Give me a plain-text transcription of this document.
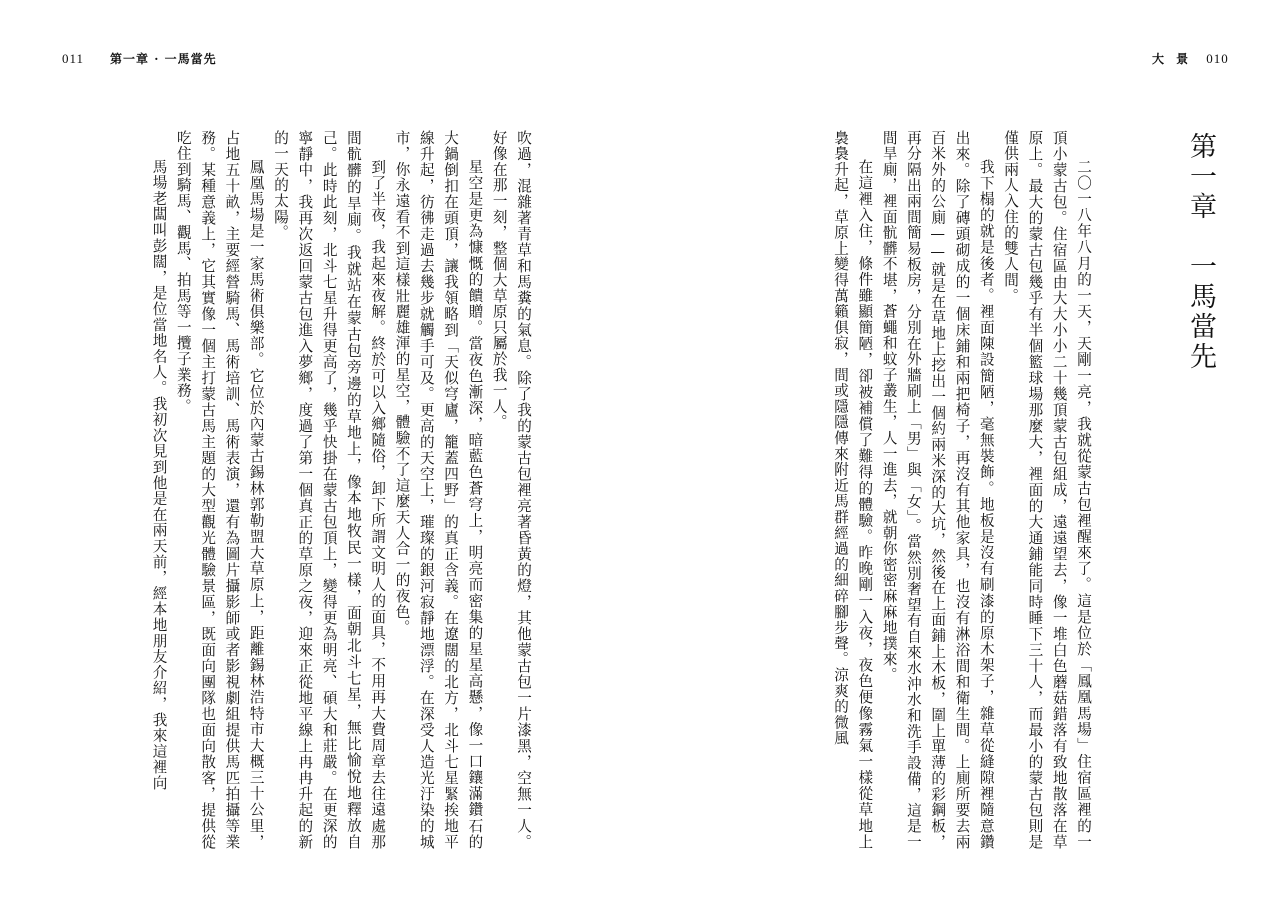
011 第一章 · 一馬當先	大 景 010
第一章　一馬當先

二〇一八年八月的一天，天剛一亮，我就從蒙古包裡醒來了。這是位於「鳳凰馬場」住宿區裡的一頂小蒙古包。住宿區由大大小小二十幾頂蒙古包組成，遠遠望去，像一堆白色蘑菇錯落有致地散落在草原上。最大的蒙古包幾乎有半個籃球場那麼大，裡面的大通鋪能同時睡下三十人，而最小的蒙古包則是僅供兩人入住的雙人間。

我下榻的就是後者。裡面陳設簡陋，毫無裝飾。地板是沒有刷漆的原木架子，雜草從縫隙裡隨意鑽出來。除了磚頭砌成的一個床鋪和兩把椅子，再沒有其他家具，也沒有淋浴間和衛生間。上廁所要去兩百米外的公廁——就是在草地上挖出一個約兩米深的大坑，然後在上面鋪上木板，圍上單薄的彩鋼板，再分隔出兩間簡易板房，分別在外牆刷上「男」與「女」。當然別奢望有自來水沖水和洗手設備，這是一間旱廁，裡面骯髒不堪，蒼蠅和蚊子叢生，人一進去，就朝你密密麻麻地撲來。

在這裡入住，條件雖顯簡陋，卻被補償了難得的體驗。昨晚剛一入夜，夜色便像霧氣一樣從草地上裊裊升起，草原上變得萬籟俱寂，間或隱隱傳來附近馬群經過的細碎腳步聲。涼爽的微風

吹過，混雜著青草和馬糞的氣息。除了我的蒙古包裡亮著昏黃的燈，其他蒙古包一片漆黑，空無一人。好像在那一刻，整個大草原只屬於我一人。

星空是更為慷慨的饋贈。當夜色漸深，暗藍色蒼穹上，明亮而密集的星星高懸，像一口鑲滿鑽石的大鍋倒扣在頭頂，讓我領略到「天似穹廬，籠蓋四野」的真正含義。在遼闊的北方，北斗七星緊挨地平線升起，彷彿走過去幾步就觸手可及。更高的天空上，璀璨的銀河寂靜地漂浮。在深受人造光汙染的城市，你永遠看不到這樣壯麗雄渾的星空，體驗不了這麼天人合一的夜色。

到了半夜，我起來夜解。終於可以入鄉隨俗，卸下所謂文明人的面具，不用再大費周章去往遠處那間骯髒的旱廁。我就站在蒙古包旁邊的草地上，像本地牧民一樣，面朝北斗七星，無比愉悅地釋放自己。此時此刻，北斗七星升得更高了，幾乎快掛在蒙古包頂上，變得更為明亮、碩大和莊嚴。在更深的寧靜中，我再次返回蒙古包進入夢鄉，度過了第一個真正的草原之夜，迎來正從地平線上冉冉升起的新的一天的太陽。

鳳凰馬場是一家馬術俱樂部。它位於內蒙古錫林郭勒盟大草原上，距離錫林浩特市大概三十公里，占地五十畝，主要經營騎馬、馬術培訓、馬術表演，還有為圖片攝影師或者影視劇組提供馬匹拍攝等業務。某種意義上，它其實像一個主打蒙古馬主題的大型觀光體驗景區，既面向團隊也面向散客，提供從吃住到騎馬、觀馬、拍馬等一攬子業務。

馬場老闆叫彭闊，是位當地名人。我初次見到他是在兩天前，經本地朋友介紹，我來這裡向
